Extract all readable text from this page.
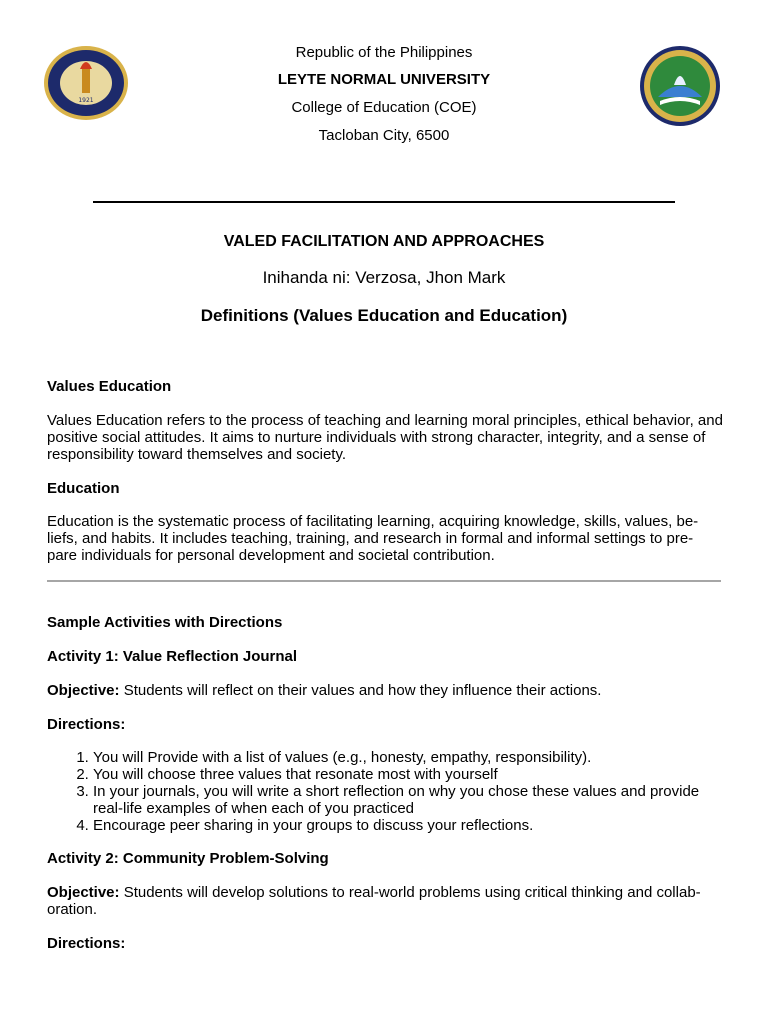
1921
Republic of the Philippines
LEYTE NORMAL UNIVERSITY
College of Education (COE)
Tacloban City, 6500
VALED FACILITATION AND APPROACHES
Inihanda ni: Verzosa, Jhon Mark
Definitions (Values Education and Education)
Values Education
Values Education refers to the process of teaching and learning moral principles, ethical behavior, and positive social attitudes. It aims to nurture individuals with strong character, integrity, and a sense of responsibility toward themselves and society.
Education
Education is the systematic process of facilitating learning, acquiring knowledge, skills, values, be-liefs, and habits. It includes teaching, training, and research in formal and informal settings to pre-pare individuals for personal development and societal contribution.
Sample Activities with Directions
Activity 1: Value Reflection Journal
Objective: Students will reflect on their values and how they influence their actions.
Directions:
1. You will Provide with a list of values (e.g., honesty, empathy, responsibility).
2. You will choose three values that resonate most with yourself
3. In your journals, you will write a short reflection on why you chose these values and provide real-life examples of when each of you practiced
4. Encourage peer sharing in your groups to discuss your reflections.
Activity 2: Community Problem-Solving
Objective: Students will develop solutions to real-world problems using critical thinking and collab-oration.
Directions:
